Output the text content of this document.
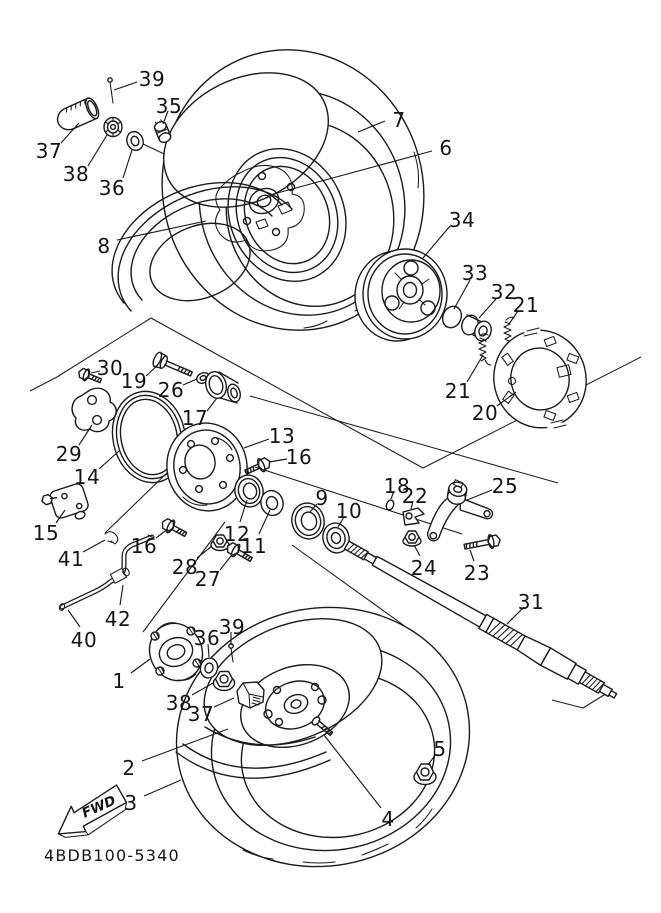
FWD
4BDB100-5340
39
37
38
36
35
7
6
8
34
33
32
21
21
20
30
19 26
17
29
14
13
16
12
11
9
10
18
22	25
24 23
31
15
41
16
28
27
42
40
1
36
39
38
37
2
3
4
5
